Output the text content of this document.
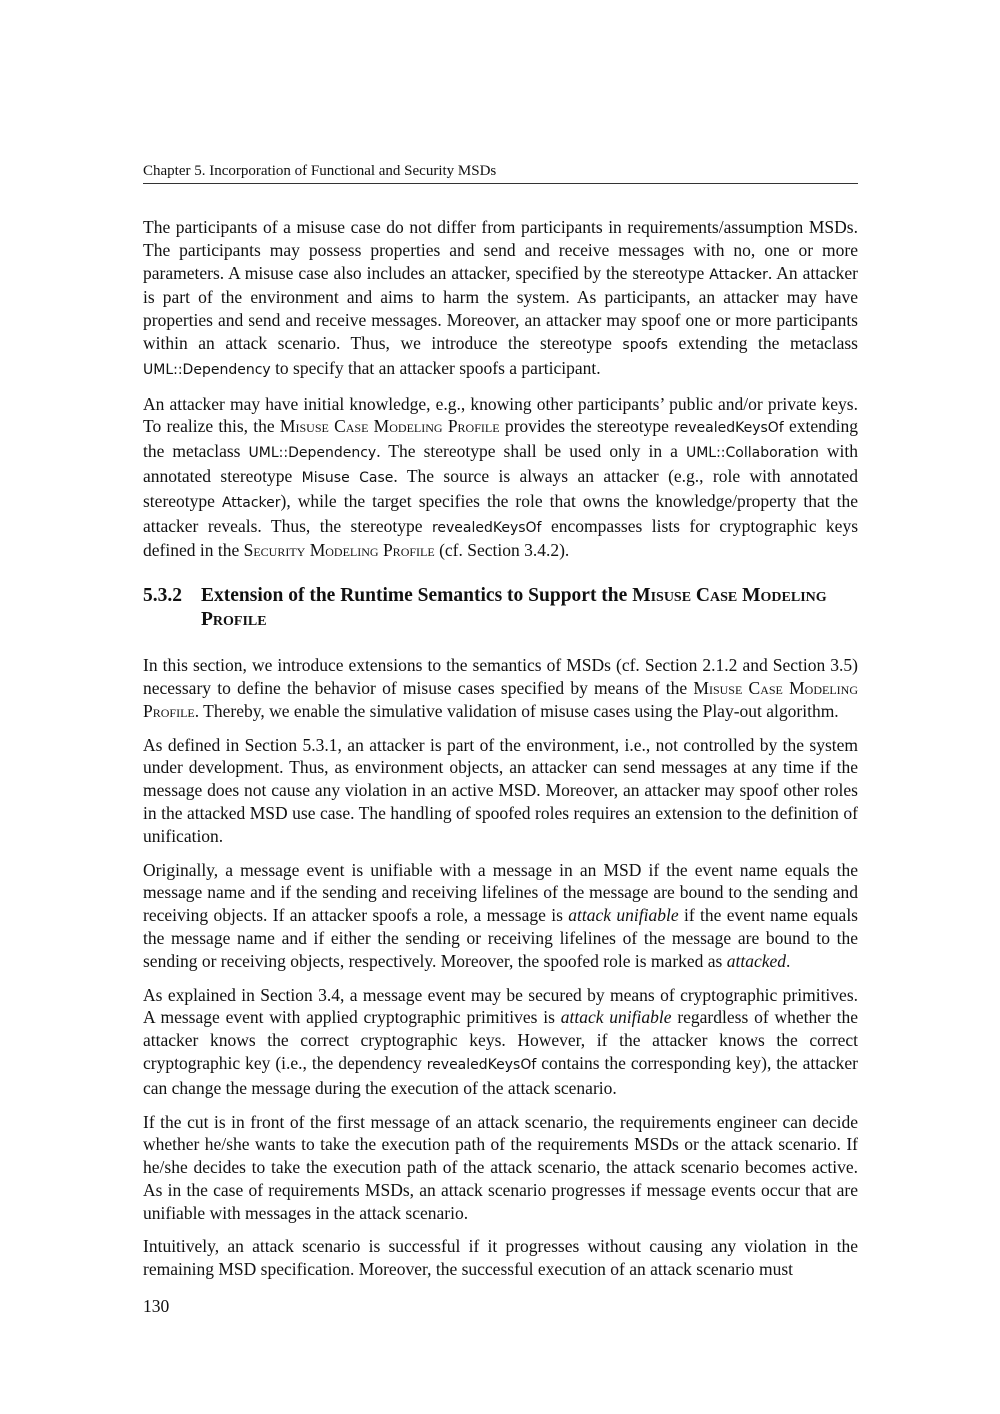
Chapter 5. Incorporation of Functional and Security MSDs

The participants of a misuse case do not differ from participants in requirements/assumption MSDs. The participants may possess properties and send and receive messages with no, one or more parameters. A misuse case also includes an attacker, specified by the stereotype Attacker. An attacker is part of the environment and aims to harm the system. As participants, an attacker may have properties and send and receive messages. Moreover, an attacker may spoof one or more participants within an attack scenario. Thus, we introduce the stereotype spoofs extending the metaclass UML::Dependency to specify that an attacker spoofs a participant.

An attacker may have initial knowledge, e.g., knowing other participants’ public and/or private keys. To realize this, the Misuse Case Modeling Profile provides the stereotype revealedKeysOf extending the metaclass UML::Dependency. The stereotype shall be used only in a UML::Collaboration with annotated stereotype Misuse Case. The source is always an attacker (e.g., role with annotated stereotype Attacker), while the target specifies the role that owns the knowledge/property that the attacker reveals. Thus, the stereotype revealedKeysOf encompasses lists for cryptographic keys defined in the Security Modeling Profile (cf. Section 3.4.2).

5.3.2 Extension of the Runtime Semantics to Support the Misuse Case Modeling Profile

In this section, we introduce extensions to the semantics of MSDs (cf. Section 2.1.2 and Section 3.5) necessary to define the behavior of misuse cases specified by means of the Misuse Case Modeling Profile. Thereby, we enable the simulative validation of misuse cases using the Play-out algorithm.

As defined in Section 5.3.1, an attacker is part of the environment, i.e., not controlled by the system under development. Thus, as environment objects, an attacker can send messages at any time if the message does not cause any violation in an active MSD. Moreover, an attacker may spoof other roles in the attacked MSD use case. The handling of spoofed roles requires an extension to the definition of unification.

Originally, a message event is unifiable with a message in an MSD if the event name equals the message name and if the sending and receiving lifelines of the message are bound to the sending and receiving objects. If an attacker spoofs a role, a message is attack unifiable if the event name equals the message name and if either the sending or receiving lifelines of the message are bound to the sending or receiving objects, respectively. Moreover, the spoofed role is marked as attacked.

As explained in Section 3.4, a message event may be secured by means of cryptographic primitives. A message event with applied cryptographic primitives is attack unifiable regardless of whether the attacker knows the correct cryptographic keys. However, if the attacker knows the correct cryptographic key (i.e., the dependency revealedKeysOf contains the corresponding key), the attacker can change the message during the execution of the attack scenario.

If the cut is in front of the first message of an attack scenario, the requirements engineer can decide whether he/she wants to take the execution path of the requirements MSDs or the attack scenario. If he/she decides to take the execution path of the attack scenario, the attack scenario becomes active. As in the case of requirements MSDs, an attack scenario progresses if message events occur that are unifiable with messages in the attack scenario.

Intuitively, an attack scenario is successful if it progresses without causing any violation in the remaining MSD specification. Moreover, the successful execution of an attack scenario must

130
